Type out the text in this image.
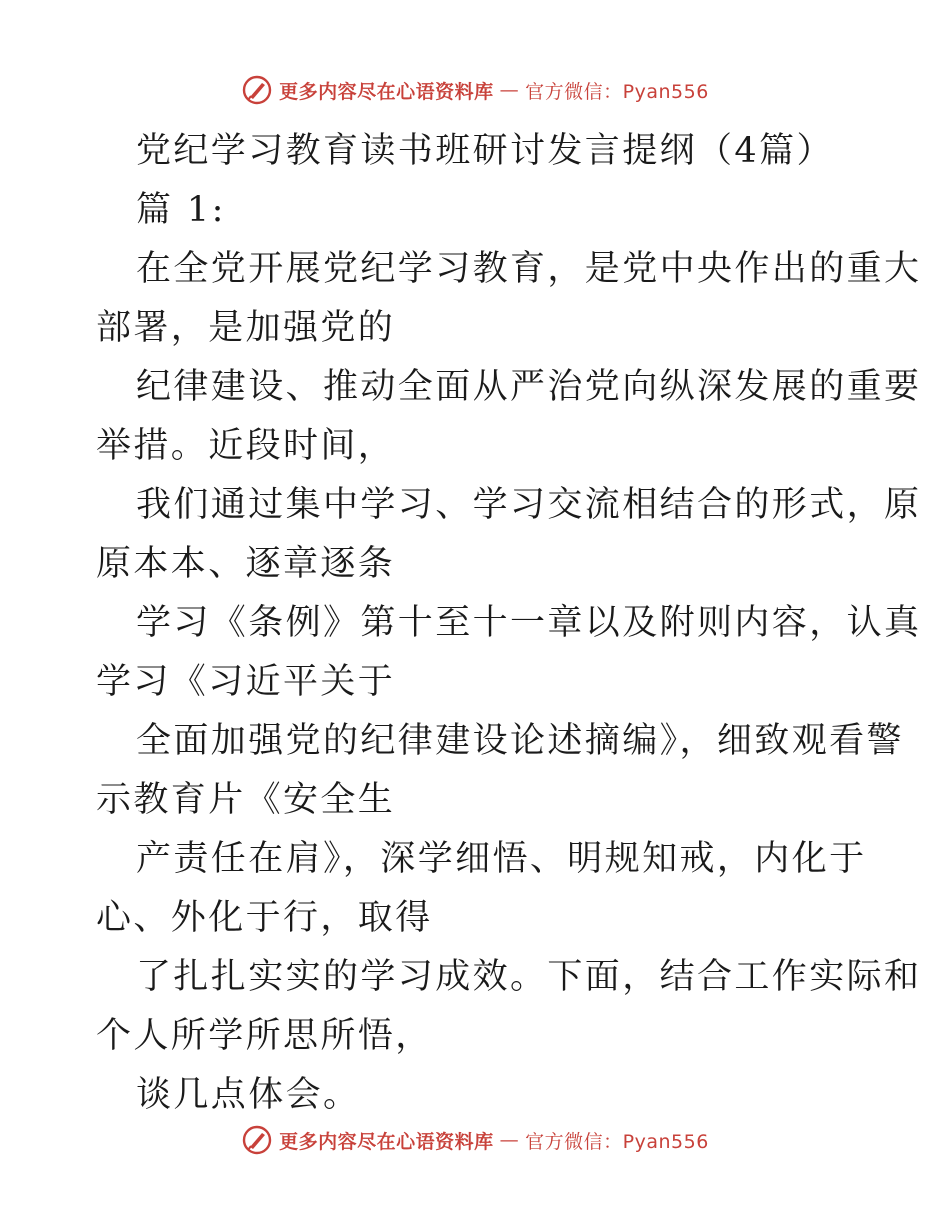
更多内容尽在心语资料库 — 官方微信：Pyan556
党纪学习教育读书班研讨发言提纲（4篇）
篇 1:
在全党开展党纪学习教育，是党中央作出的重大
部署，是加强党的
纪律建设、推动全面从严治党向纵深发展的重要
举措。近段时间，
我们通过集中学习、学习交流相结合的形式，原
原本本、逐章逐条
学习《条例》第十至十一章以及附则内容，认真
学习《习近平关于
全面加强党的纪律建设论述摘编》，细致观看警
示教育片《安全生
产责任在肩》，深学细悟、明规知戒，内化于
心、外化于行，取得
了扎扎实实的学习成效。下面，结合工作实际和
个人所学所思所悟，
谈几点体会。
更多内容尽在心语资料库 — 官方微信：Pyan556
